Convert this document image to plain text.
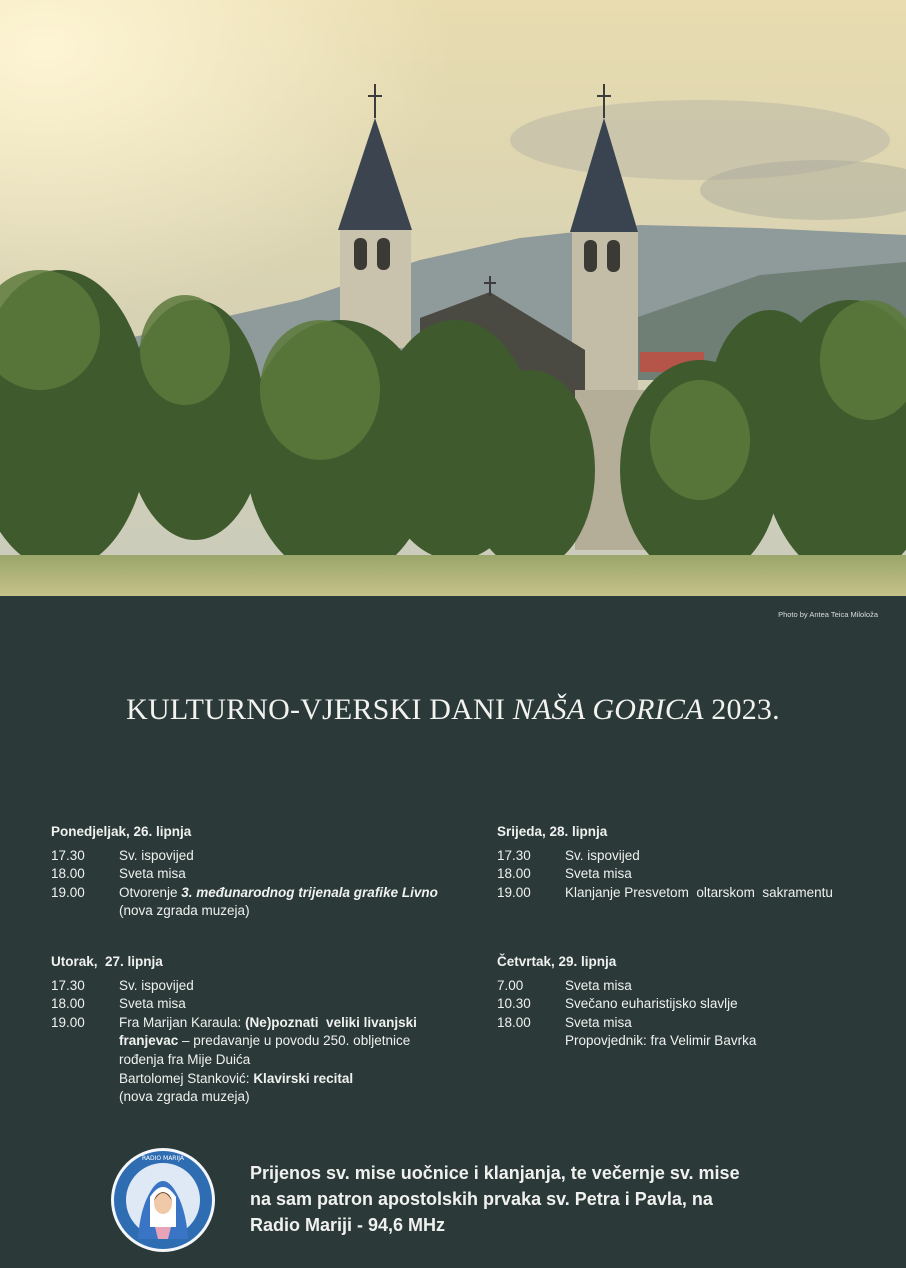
Photo by Antea Teica Miloloža
KULTURNO-VJERSKI DANI NAŠA GORICA 2023.
Ponedjeljak, 26. lipnja
17.30	Sv. ispovijed
18.00	Sveta misa
19.00	Otvorenje 3. međunarodnog trijenala grafike Livno
(nova zgrada muzeja)
Srijeda, 28. lipnja
17.30	Sv. ispovijed
18.00	Sveta misa
19.00	Klanjanje Presvetom  oltarskom  sakramentu
Utorak,  27. lipnja
17.30	Sv. ispovijed
18.00	Sveta misa
19.00	Fra Marijan Karaula: (Ne)poznati  veliki livanjski
franjevac – predavanje u povodu 250. obljetnice
rođenja fra Mije Duića
Bartolomej Stanković: Klavirski recital
(nova zgrada muzeja)
Četvrtak, 29. lipnja
7.00	Sveta misa
10.30	Svečano euharistijsko slavlje
18.00	Sveta misa
Propovjednik: fra Velimir Bavrka
RADIO MARIJA
Prijenos sv. mise uočnice i klanjanja, te večernje sv. mise
na sam patron apostolskih prvaka sv. Petra i Pavla, na
Radio Mariji - 94,6 MHz
